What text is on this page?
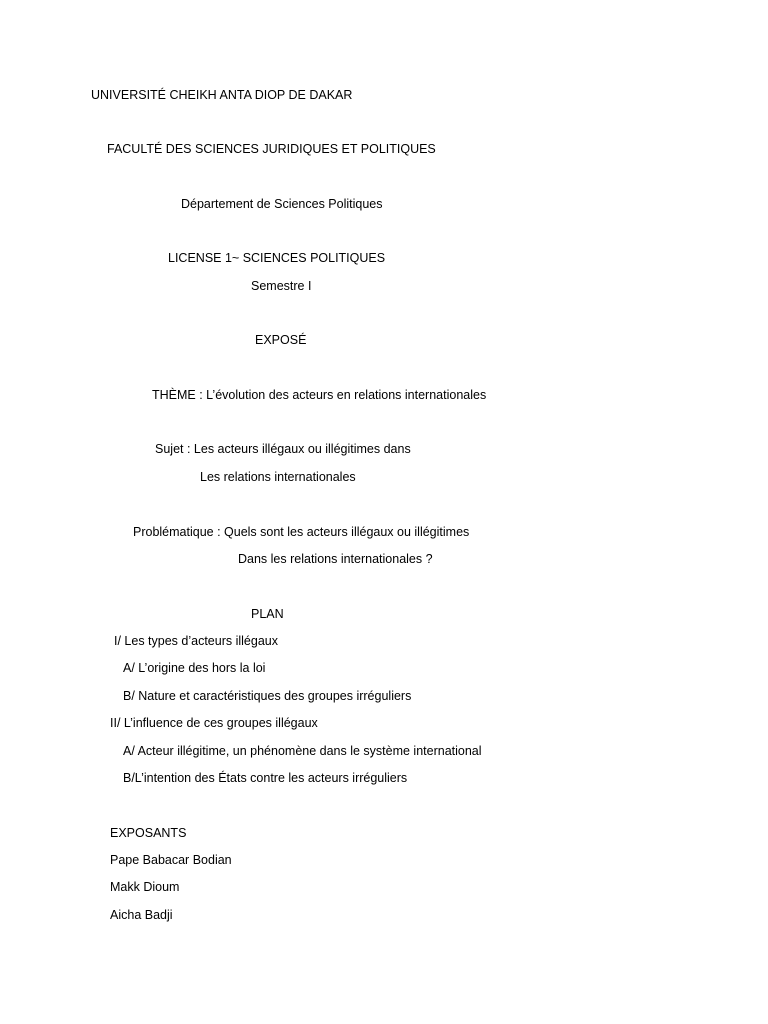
UNIVERSITÉ CHEIKH ANTA DIOP DE DAKAR
FACULTÉ DES SCIENCES JURIDIQUES ET POLITIQUES
Département de Sciences Politiques
LICENSE 1~ SCIENCES POLITIQUES
Semestre I
EXPOSÉ
THÈME : L’évolution des acteurs en relations internationales
Sujet : Les acteurs illégaux ou illégitimes dans
Les relations internationales
Problématique : Quels sont les acteurs illégaux ou illégitimes
Dans les relations internationales ?
PLAN
I/ Les types d’acteurs illégaux
A/ L’origine des hors la loi
B/ Nature et caractéristiques des groupes irréguliers
II/ L’influence de ces groupes illégaux
A/ Acteur illégitime, un phénomène dans le système international
B/L’intention des États contre les acteurs irréguliers
EXPOSANTS
Pape Babacar Bodian
Makk Dioum
Aicha Badji
